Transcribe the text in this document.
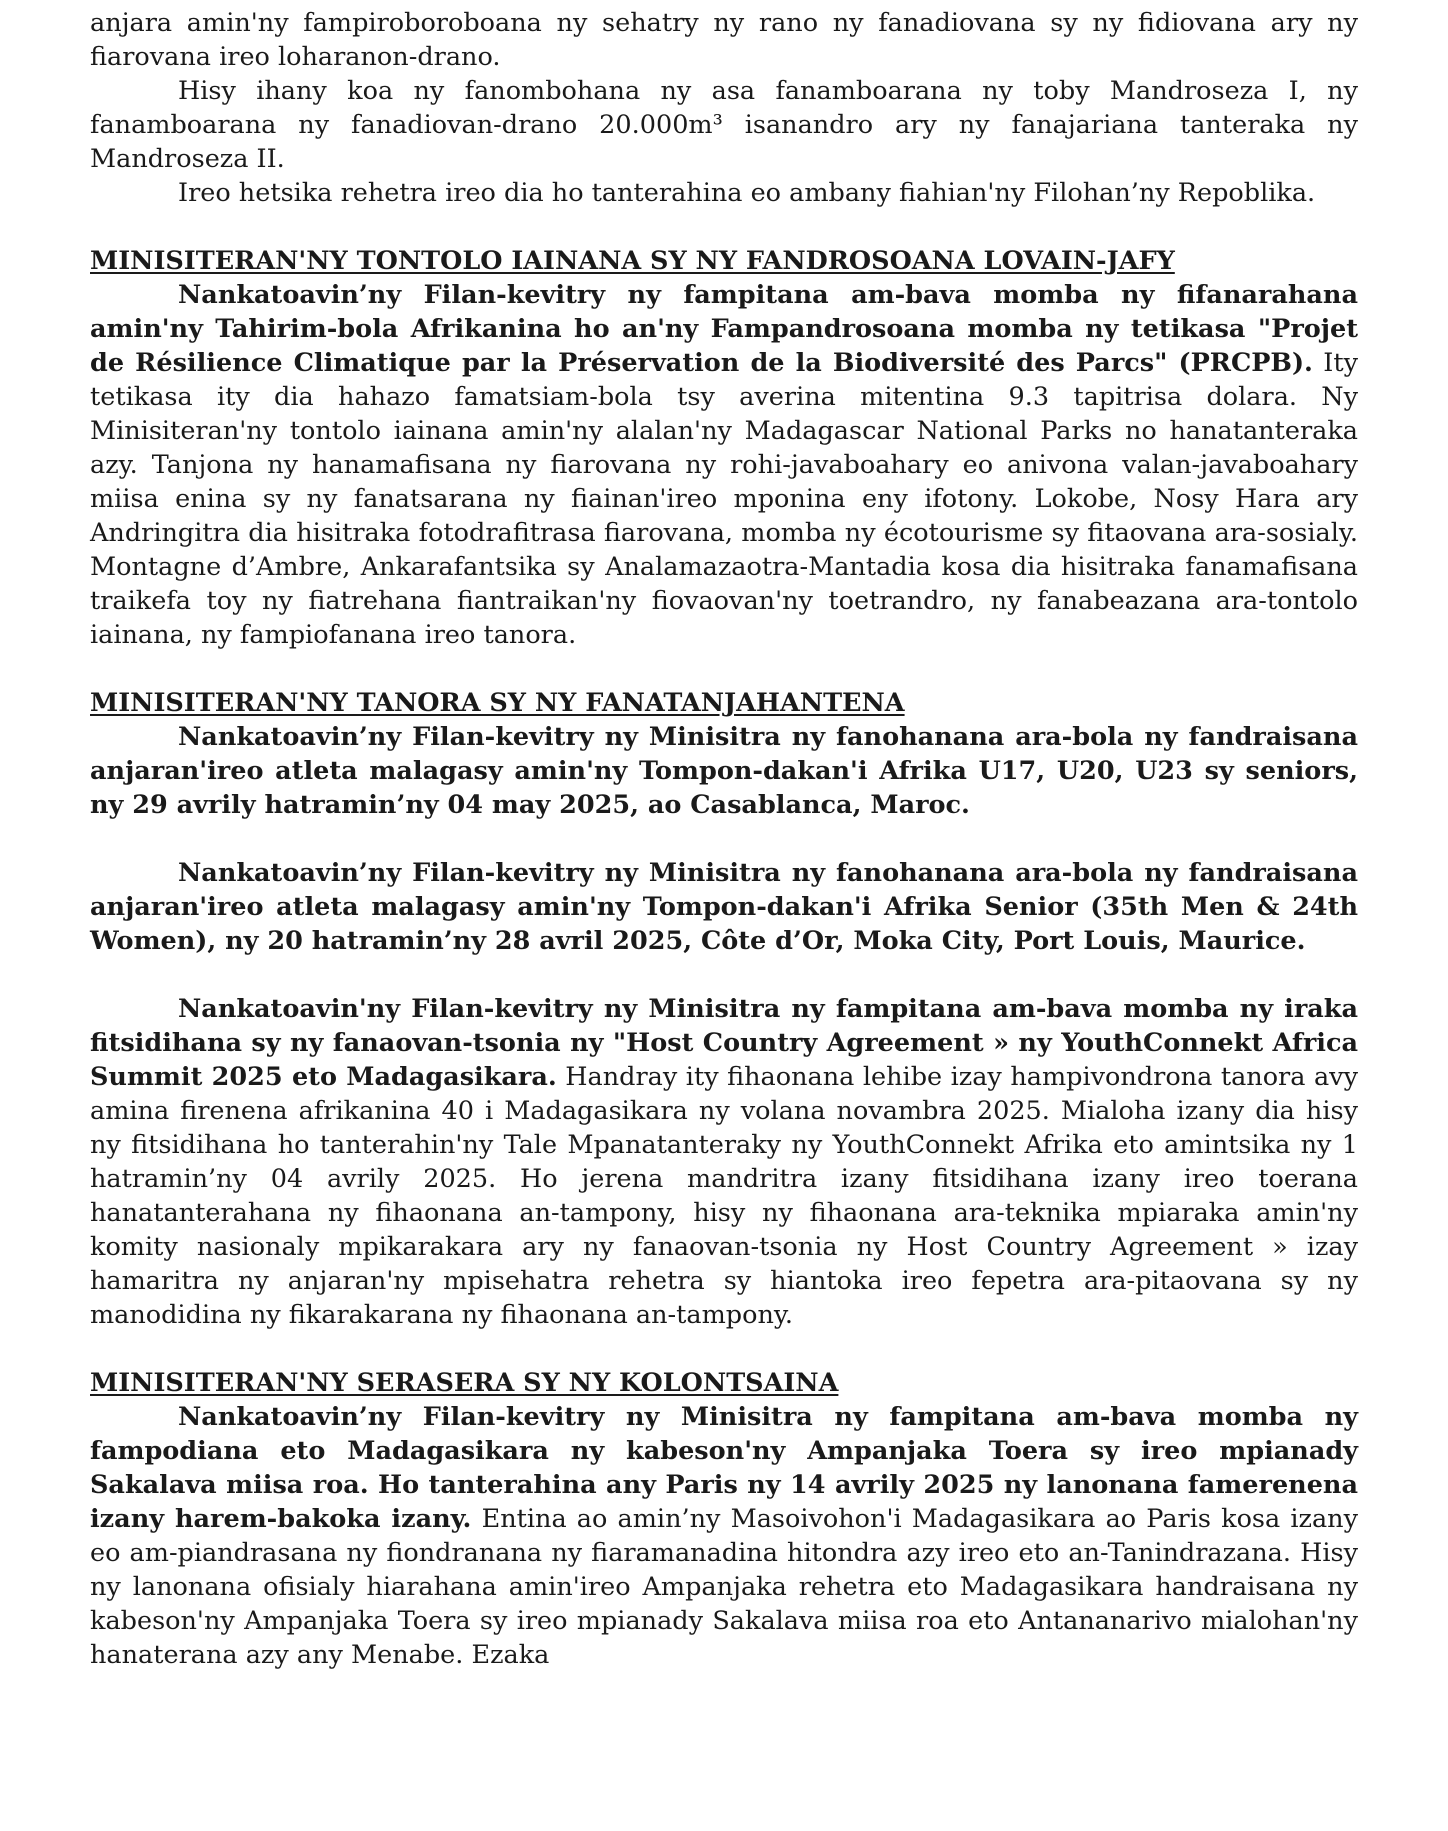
anjara amin'ny fampiroboroboana ny sehatry ny rano ny fanadiovana sy ny fidiovana ary ny fiarovana ireo loharanon-drano.

Hisy ihany koa ny fanombohana ny asa fanamboarana ny toby Mandroseza I, ny fanamboarana ny fanadiovan-drano 20.000m³ isanandro ary ny fanajariana tanteraka ny Mandroseza II.

Ireo hetsika rehetra ireo dia ho tanterahina eo ambany fiahian'ny Filohan’ny Repoblika.

MINISITERAN'NY TONTOLO IAINANA SY NY FANDROSOANA LOVAIN-JAFY

Nankatoavin’ny Filan-kevitry ny fampitana am-bava momba ny fifanarahana amin'ny Tahirim-bola Afrikanina ho an'ny Fampandrosoana momba ny tetikasa "Projet de Résilience Climatique par la Préservation de la Biodiversité des Parcs" (PRCPB). Ity tetikasa ity dia hahazo famatsiam-bola tsy averina mitentina 9.3 tapitrisa dolara. Ny Minisiteran'ny tontolo iainana amin'ny alalan'ny Madagascar National Parks no hanatanteraka azy. Tanjona ny hanamafisana ny fiarovana ny rohi-javaboahary eo anivona valan-javaboahary miisa enina sy ny fanatsarana ny fiainan'ireo mponina eny ifotony. Lokobe, Nosy Hara ary Andringitra dia hisitraka fotodrafitrasa fiarovana, momba ny écotourisme sy fitaovana ara-sosialy. Montagne d’Ambre, Ankarafantsika sy Analamazaotra-Mantadia kosa dia hisitraka fanamafisana traikefa toy ny fiatrehana fiantraikan'ny fiovaovan'ny toetrandro, ny fanabeazana ara-tontolo iainana, ny fampiofanana ireo tanora.

MINISITERAN'NY TANORA SY NY FANATANJAHANTENA

Nankatoavin’ny Filan-kevitry ny Minisitra ny fanohanana ara-bola ny fandraisana anjaran'ireo atleta malagasy amin'ny Tompon-dakan'i Afrika U17, U20, U23 sy seniors, ny 29 avrily hatramin’ny 04 may 2025, ao Casablanca, Maroc.

Nankatoavin’ny Filan-kevitry ny Minisitra ny fanohanana ara-bola ny fandraisana anjaran'ireo atleta malagasy amin'ny Tompon-dakan'i Afrika Senior (35th Men & 24th Women), ny 20 hatramin’ny 28 avril 2025, Côte d’Or, Moka City, Port Louis, Maurice.

Nankatoavin'ny Filan-kevitry ny Minisitra ny fampitana am-bava momba ny iraka fitsidihana sy ny fanaovan-tsonia ny "Host Country Agreement » ny YouthConnekt Africa Summit 2025 eto Madagasikara. Handray ity fihaonana lehibe izay hampivondrona tanora avy amina firenena afrikanina 40 i Madagasikara ny volana novambra 2025. Mialoha izany dia hisy ny fitsidihana ho tanterahin'ny Tale Mpanatanteraky ny YouthConnekt Afrika eto amintsika ny 1 hatramin’ny 04 avrily 2025. Ho jerena mandritra izany fitsidihana izany ireo toerana hanatanterahana ny fihaonana an-tampony, hisy ny fihaonana ara-teknika mpiaraka amin'ny komity nasionaly mpikarakara ary ny fanaovan-tsonia ny Host Country Agreement » izay hamaritra ny anjaran'ny mpisehatra rehetra sy hiantoka ireo fepetra ara-pitaovana sy ny manodidina ny fikarakarana ny fihaonana an-tampony.

MINISITERAN'NY SERASERA SY NY KOLONTSAINA

Nankatoavin’ny Filan-kevitry ny Minisitra ny fampitana am-bava momba ny fampodiana eto Madagasikara ny kabeson'ny Ampanjaka Toera sy ireo mpianady Sakalava miisa roa. Ho tanterahina any Paris ny 14 avrily 2025 ny lanonana famerenena izany harem-bakoka izany. Entina ao amin’ny Masoivohon'i Madagasikara ao Paris kosa izany eo am-piandrasana ny fiondranana ny fiaramanadina hitondra azy ireo eto an-Tanindrazana. Hisy ny lanonana ofisialy hiarahana amin'ireo Ampanjaka rehetra eto Madagasikara handraisana ny kabeson'ny Ampanjaka Toera sy ireo mpianady Sakalava miisa roa eto Antananarivo mialohan'ny hanaterana azy any Menabe. Ezaka
